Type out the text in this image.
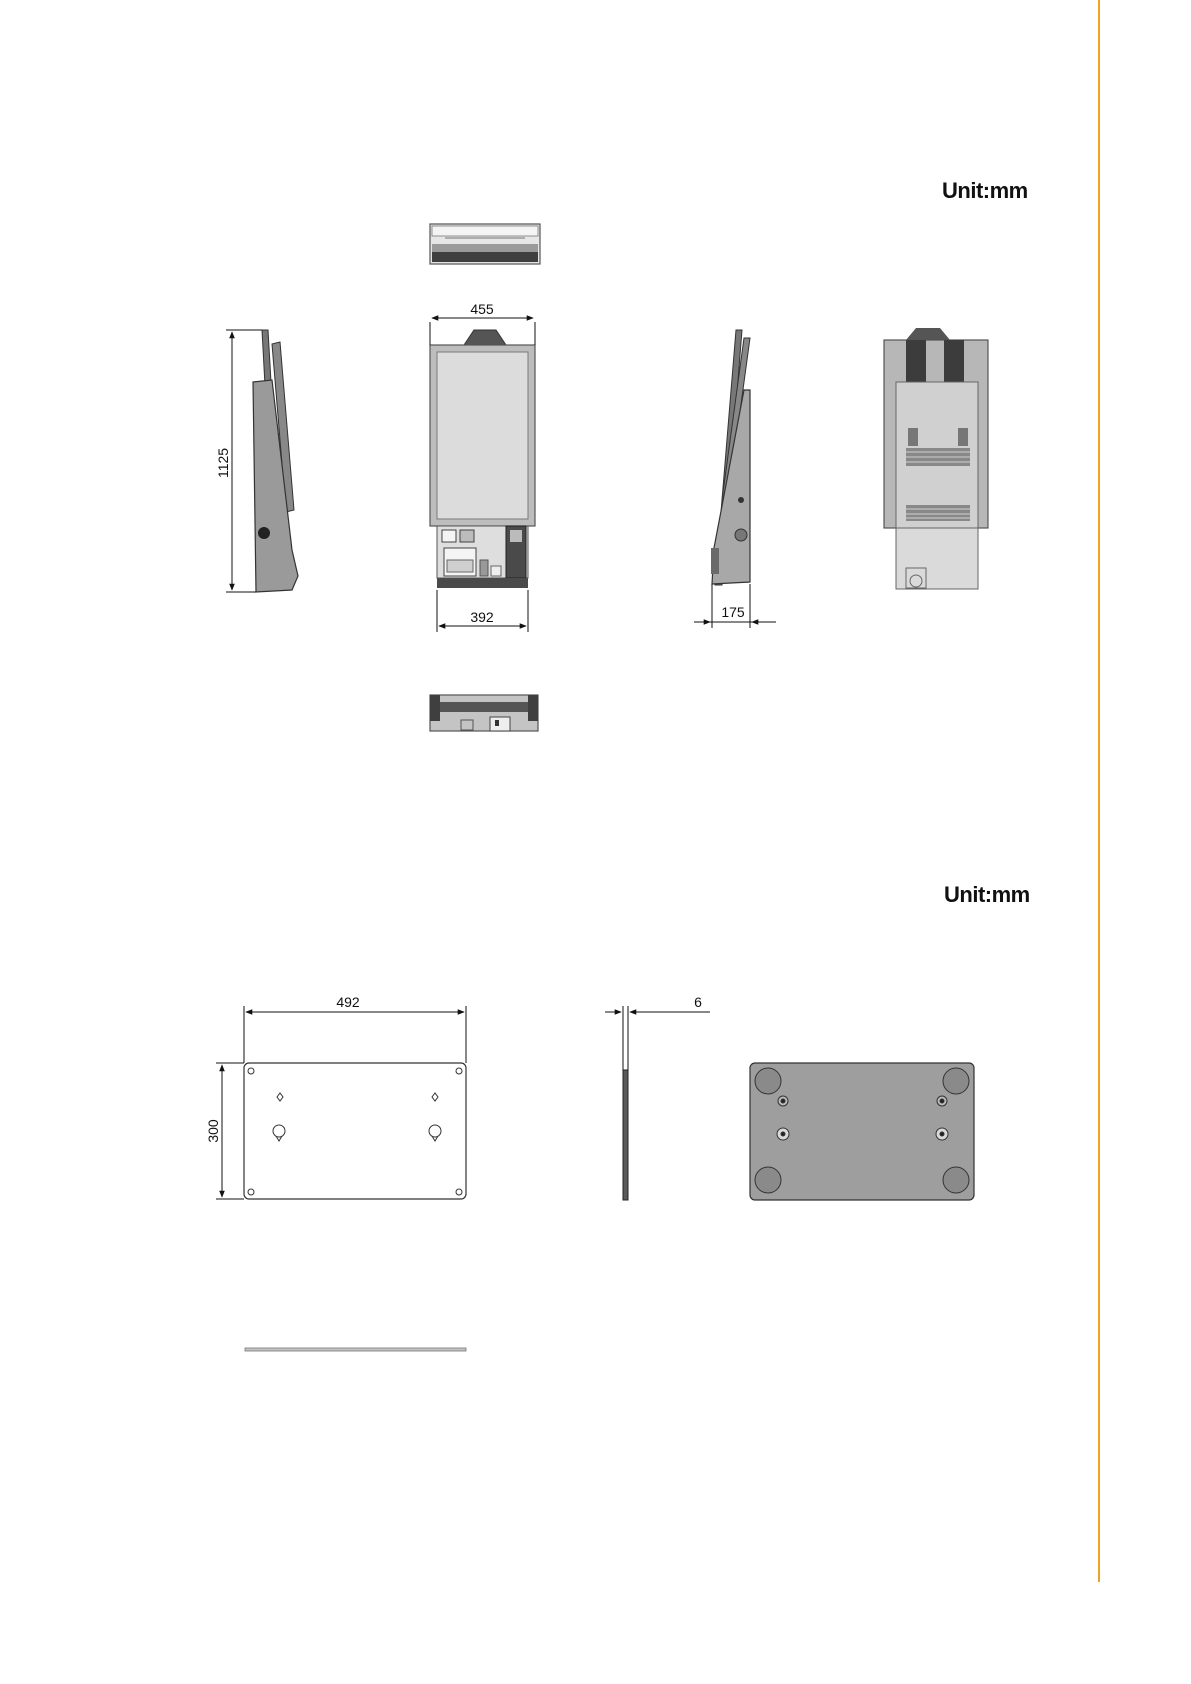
Unit:mm
Unit:mm
455
392
1125
175
492
300
6
